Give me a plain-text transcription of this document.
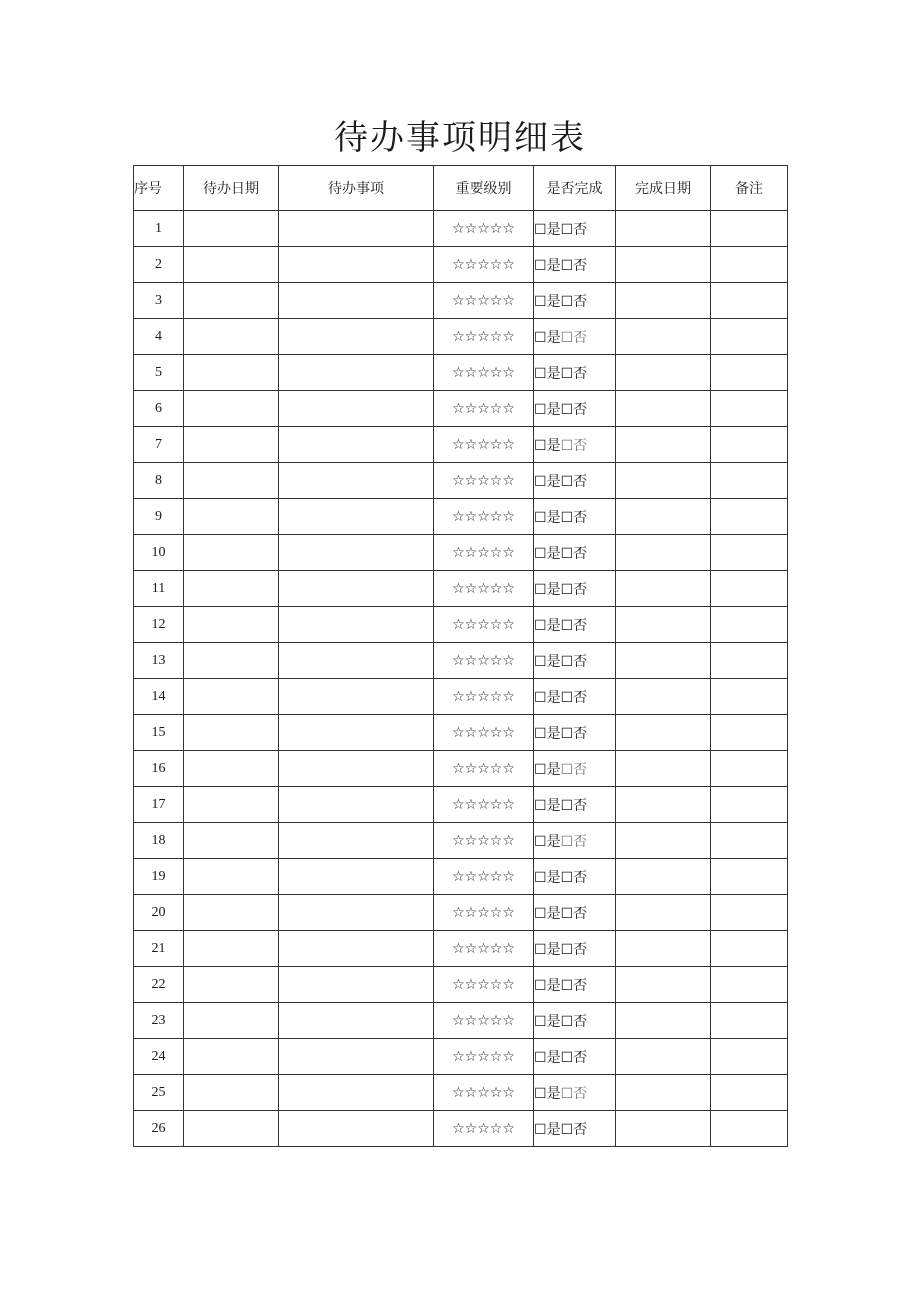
待办事项明细表
序号	待办日期	待办事项	重要级别	是否完成	完成日期	备注
1			☆☆☆☆☆	☐是☐否		
2			☆☆☆☆☆	☐是☐否		
3			☆☆☆☆☆	☐是☐否		
4			☆☆☆☆☆	☐是☐否		
5			☆☆☆☆☆	☐是☐否		
6			☆☆☆☆☆	☐是☐否		
7			☆☆☆☆☆	☐是☐否		
8			☆☆☆☆☆	☐是☐否		
9			☆☆☆☆☆	☐是☐否		
10			☆☆☆☆☆	☐是☐否		
11			☆☆☆☆☆	☐是☐否		
12			☆☆☆☆☆	☐是☐否		
13			☆☆☆☆☆	☐是☐否		
14			☆☆☆☆☆	☐是☐否		
15			☆☆☆☆☆	☐是☐否		
16			☆☆☆☆☆	☐是☐否		
17			☆☆☆☆☆	☐是☐否		
18			☆☆☆☆☆	☐是☐否		
19			☆☆☆☆☆	☐是☐否		
20			☆☆☆☆☆	☐是☐否		
21			☆☆☆☆☆	☐是☐否		
22			☆☆☆☆☆	☐是☐否		
23			☆☆☆☆☆	☐是☐否		
24			☆☆☆☆☆	☐是☐否		
25			☆☆☆☆☆	☐是☐否		
26			☆☆☆☆☆	☐是☐否		
